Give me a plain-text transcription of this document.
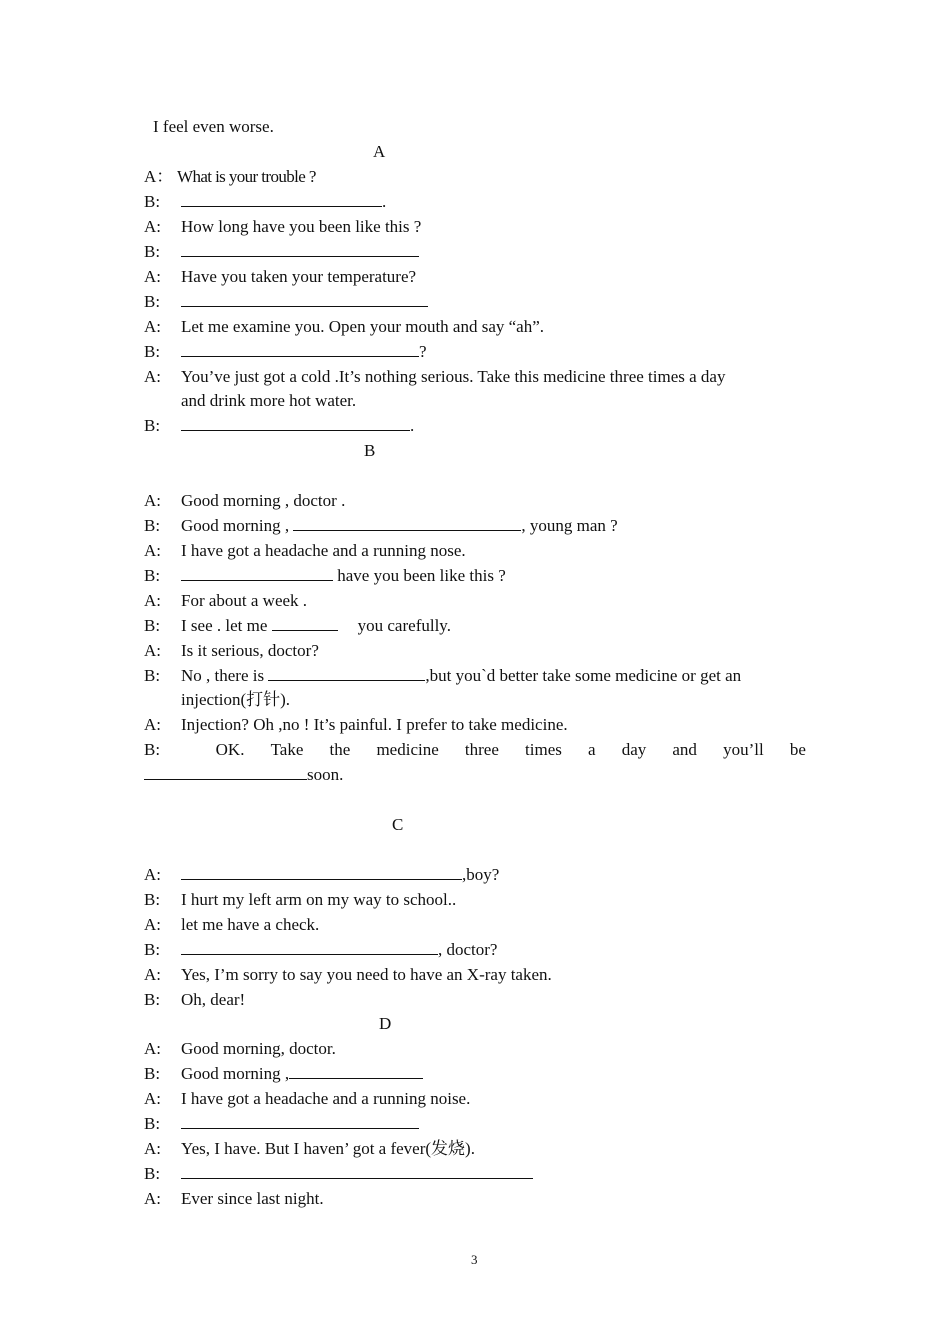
I feel even worse.
A
A： What is your trouble ?
B:	.
A: How long have you been like this ?
B:
A: Have you taken your temperature?
B:
A: Let me examine you. Open your mouth and say “ah”.
B:	?
A: You’ve just got a cold .It’s nothing serious. Take this medicine three times a day
and drink more hot water.
B:	.
B
A: Good morning , doctor .
B: Good morning ,	, young man ?
A: I have got a headache and a running nose.
B:	have you been like this ?
A: For about a week .
B: I see . let me	you carefully.
A: Is it serious, doctor?
B: No , there is	,but you`d better take some medicine or get an
injection(打针).
A: Injection? Oh ,no ! It’s painful. I prefer to take medicine.
B:	OK. Take the medicine three times a day and you’ll be
soon.
C
A:	,boy?
B: I hurt my left arm on my way to school..
A: let me have a check.
B:	, doctor?
A: Yes, I’m sorry to say you need to have an X-ray taken.
B: Oh, dear!
D
A: Good morning, doctor.
B: Good morning ,
A: I have got a headache and a running noise.
B:
A: Yes, I have. But I haven’ got a fever(发烧).
B:
A: Ever since last night.
3
